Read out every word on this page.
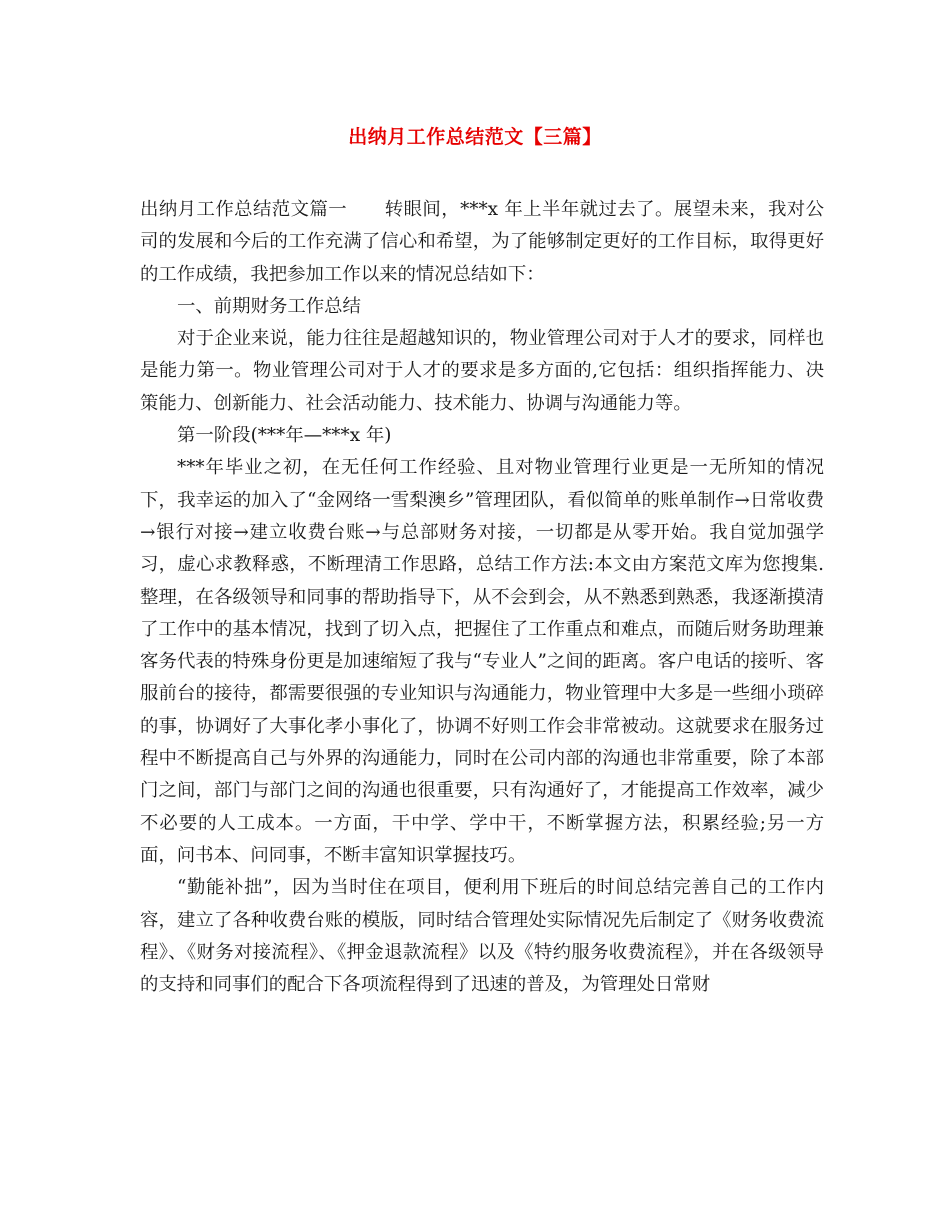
出纳月工作总结范文【三篇】

出纳月工作总结范文篇一　　转眼间，***x 年上半年就过去了。展望未来，我对公司的发展和今后的工作充满了信心和希望，为了能够制定更好的工作目标，取得更好的工作成绩，我把参加工作以来的情况总结如下：

一、前期财务工作总结

对于企业来说，能力往往是超越知识的，物业管理公司对于人才的要求，同样也是能力第一。物业管理公司对于人才的要求是多方面的,它包括：组织指挥能力、决策能力、创新能力、社会活动能力、技术能力、协调与沟通能力等。

第一阶段(***年—***x 年)

***年毕业之初，在无任何工作经验、且对物业管理行业更是一无所知的情况下，我幸运的加入了“金网络一雪梨澳乡”管理团队，看似简单的账单制作→日常收费→银行对接→建立收费台账→与总部财务对接，一切都是从零开始。我自觉加强学习，虚心求教释惑，不断理清工作思路，总结工作方法:本文由方案范文库为您搜集.整理，在各级领导和同事的帮助指导下，从不会到会，从不熟悉到熟悉，我逐渐摸清了工作中的基本情况，找到了切入点，把握住了工作重点和难点，而随后财务助理兼客务代表的特殊身份更是加速缩短了我与“专业人”之间的距离。客户电话的接听、客服前台的接待，都需要很强的专业知识与沟通能力，物业管理中大多是一些细小琐碎的事，协调好了大事化孝小事化了，协调不好则工作会非常被动。这就要求在服务过程中不断提高自己与外界的沟通能力，同时在公司内部的沟通也非常重要，除了本部门之间，部门与部门之间的沟通也很重要，只有沟通好了，才能提高工作效率，减少不必要的人工成本。一方面，干中学、学中干，不断掌握方法，积累经验;另一方面，问书本、问同事，不断丰富知识掌握技巧。

“勤能补拙”，因为当时住在项目，便利用下班后的时间总结完善自己的工作内容，建立了各种收费台账的模版，同时结合管理处实际情况先后制定了《财务收费流程》、《财务对接流程》、《押金退款流程》以及《特约服务收费流程》，并在各级领导的支持和同事们的配合下各项流程得到了迅速的普及，为管理处日常财
